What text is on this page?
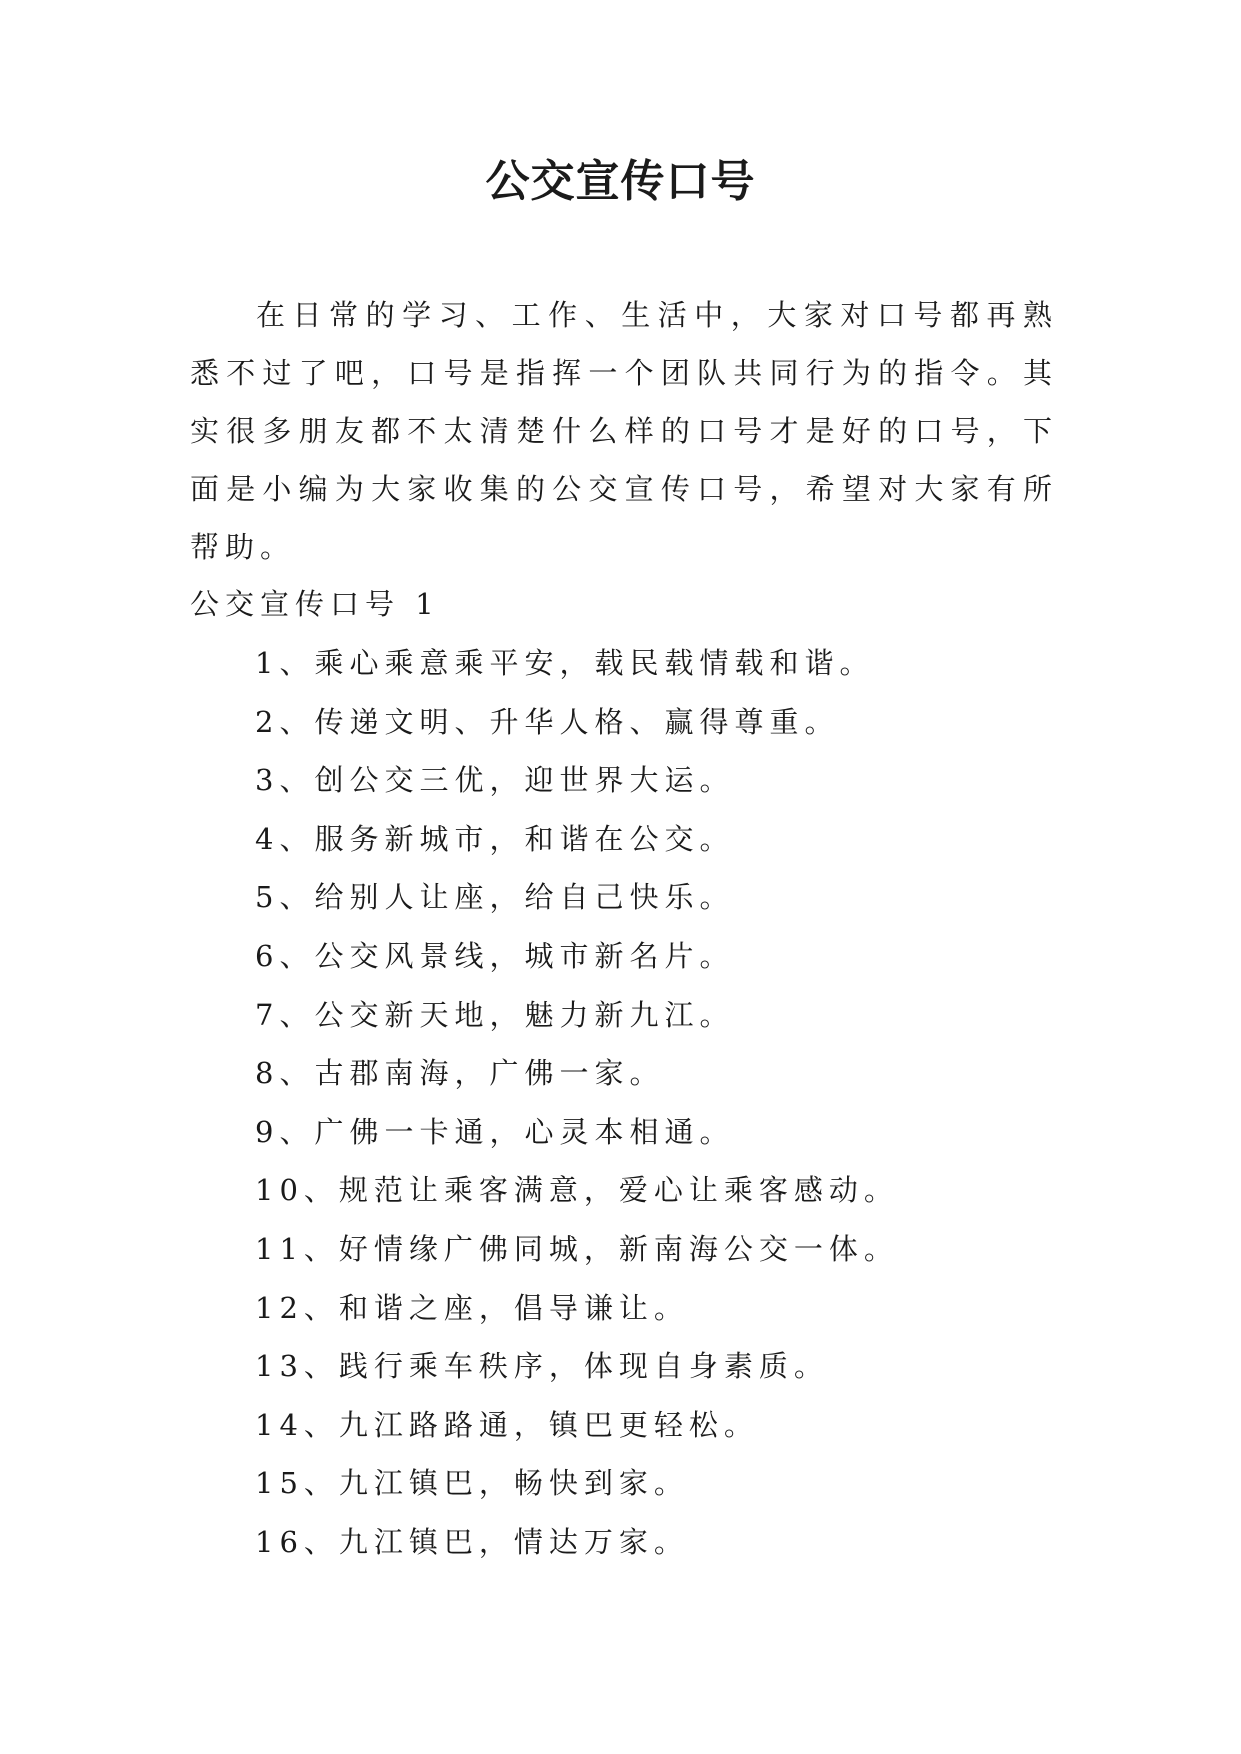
公交宣传口号

在日常的学习、工作、生活中，大家对口号都再熟悉不过了吧，口号是指挥一个团队共同行为的指令。其实很多朋友都不太清楚什么样的口号才是好的口号，下面是小编为大家收集的公交宣传口号，希望对大家有所帮助。

公交宣传口号 1

1、乘心乘意乘平安，载民载情载和谐。
2、传递文明、升华人格、赢得尊重。
3、创公交三优，迎世界大运。
4、服务新城市，和谐在公交。
5、给别人让座，给自己快乐。
6、公交风景线，城市新名片。
7、公交新天地，魅力新九江。
8、古郡南海，广佛一家。
9、广佛一卡通，心灵本相通。
10、规范让乘客满意，爱心让乘客感动。
11、好情缘广佛同城，新南海公交一体。
12、和谐之座，倡导谦让。
13、践行乘车秩序，体现自身素质。
14、九江路路通，镇巴更轻松。
15、九江镇巴，畅快到家。
16、九江镇巴，情达万家。
